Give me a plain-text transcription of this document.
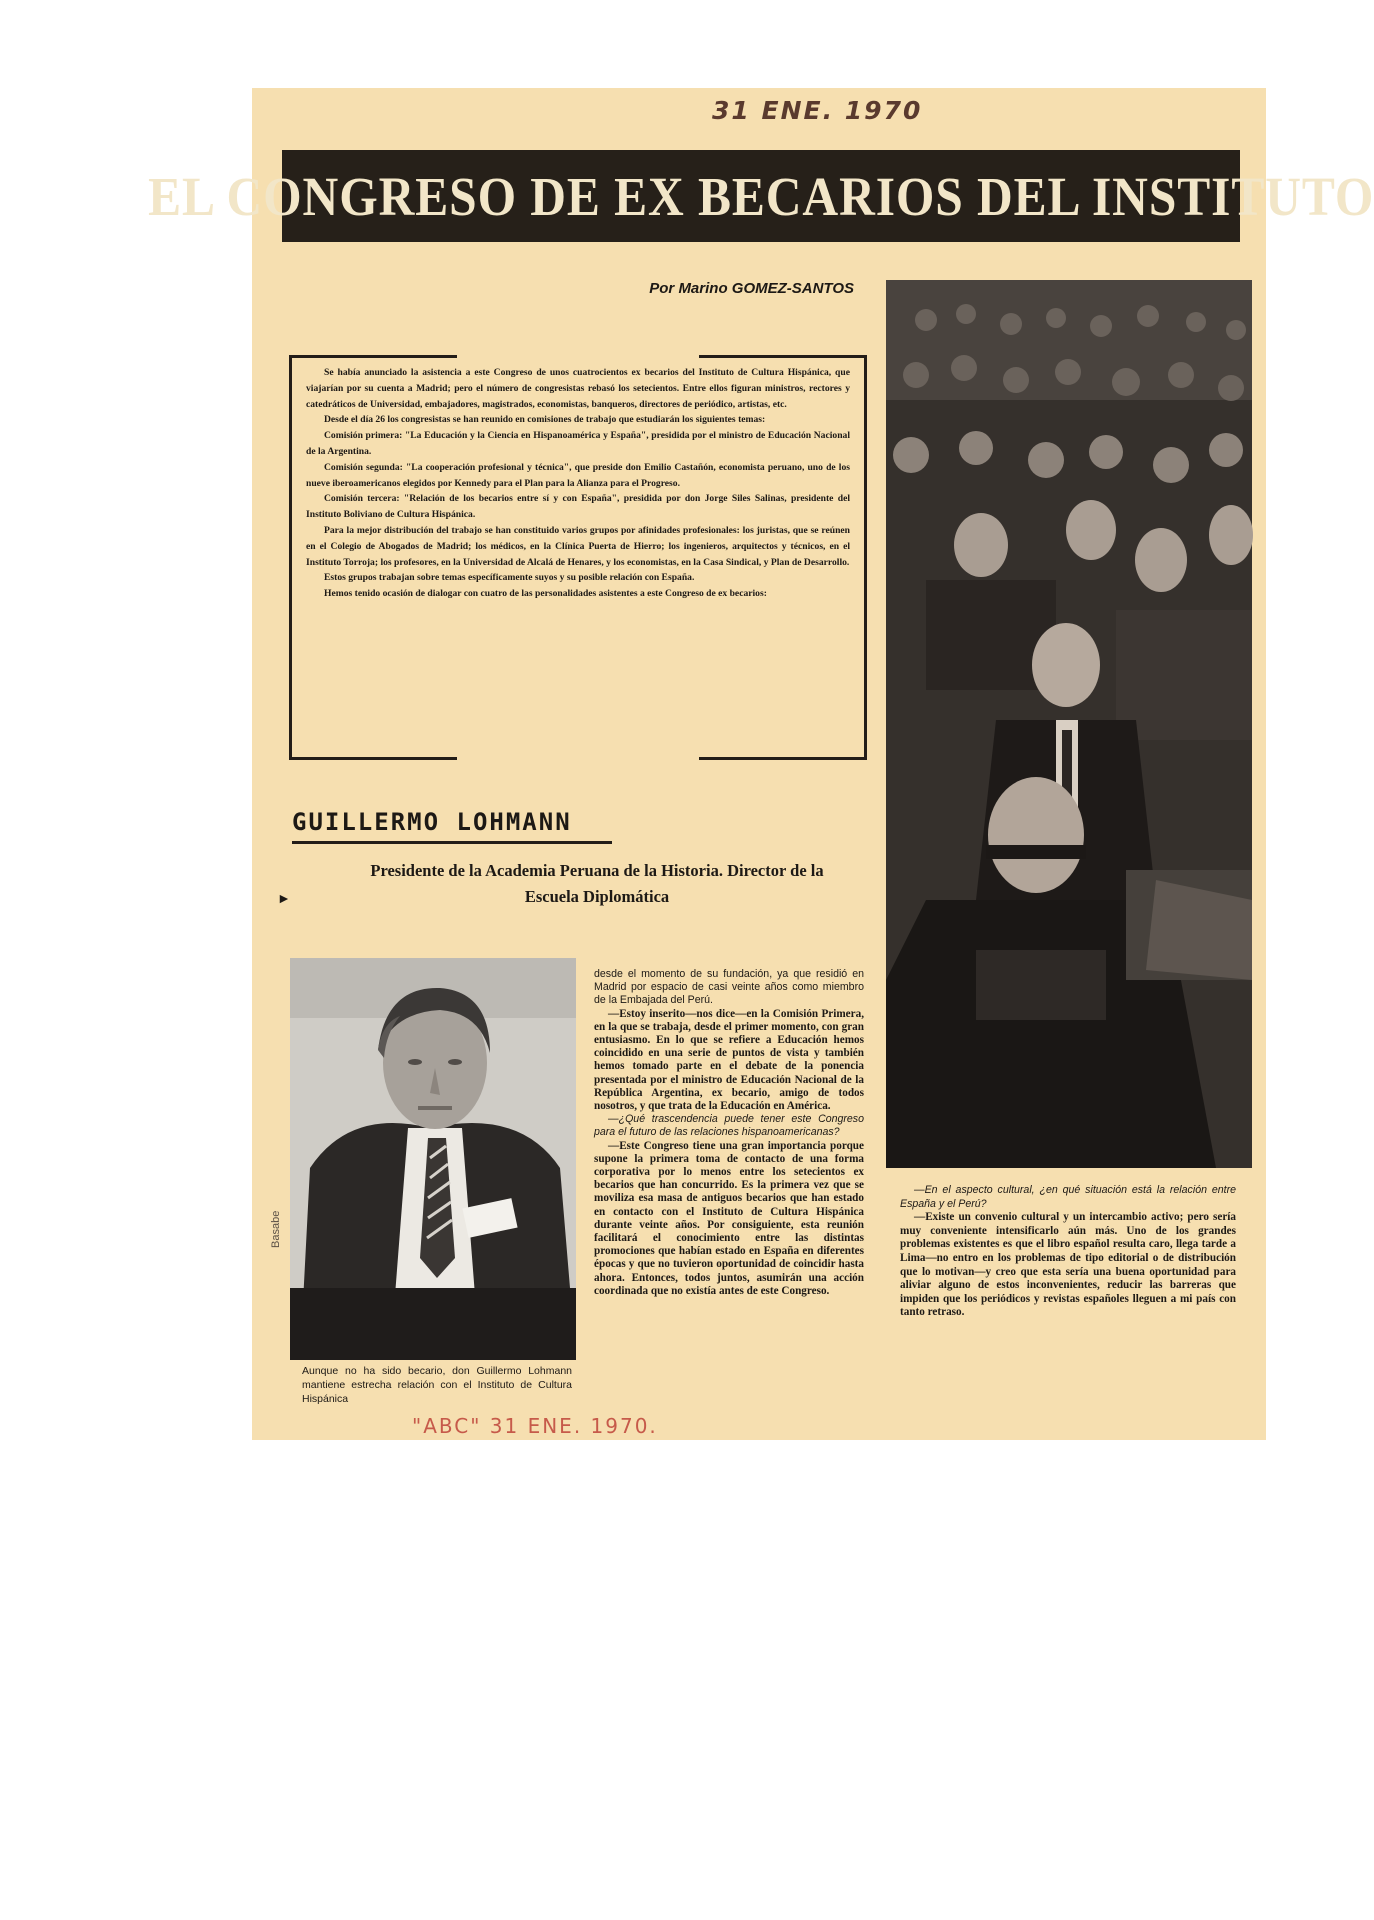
31 ENE. 1970
EL CONGRESO DE EX BECARIOS DEL INSTITUTO
Por Marino GOMEZ-SANTOS

Se había anunciado la asistencia a este Congreso de unos cuatrocientos ex becarios del Instituto de Cultura Hispánica, que viajarían por su cuenta a Madrid; pero el número de congresistas rebasó los setecientos. Entre ellos figuran ministros, rectores y catedráticos de Universidad, embajadores, magistrados, economistas, banqueros, directores de periódico, artistas, etc.

Desde el día 26 los congresistas se han reunido en comisiones de trabajo que estudiarán los siguientes temas:

Comisión primera: "La Educación y la Ciencia en Hispanoamérica y España", presidida por el ministro de Educación Nacional de la Argentina.

Comisión segunda: "La cooperación profesional y técnica", que preside don Emilio Castañón, economista peruano, uno de los nueve iberoamericanos elegidos por Kennedy para el Plan para la Alianza para el Progreso.

Comisión tercera: "Relación de los becarios entre sí y con España", presidida por don Jorge Siles Salinas, presidente del Instituto Boliviano de Cultura Hispánica.

Para la mejor distribución del trabajo se han constituido varios grupos por afinidades profesionales: los juristas, que se reúnen en el Colegio de Abogados de Madrid; los médicos, en la Clínica Puerta de Hierro; los ingenieros, arquitectos y técnicos, en el Instituto Torroja; los profesores, en la Universidad de Alcalá de Henares, y los economistas, en la Casa Sindical, y Plan de Desarrollo.

Estos grupos trabajan sobre temas específicamente suyos y su posible relación con España.

Hemos tenido ocasión de dialogar con cuatro de las personalidades asistentes a este Congreso de ex becarios:

GUILLERMO LOHMANN
►
Presidente de la Academia Peruana de la Historia. Director de la Escuela Diplomática
Basabe
Aunque no ha sido becario, don Guillermo Lohmann mantiene estrecha relación con el Instituto de Cultura Hispánica

desde el momento de su fundación, ya que residió en Madrid por espacio de casi veinte años como miembro de la Embajada del Perú.

—Estoy inserito—nos dice—en la Comisión Primera, en la que se trabaja, desde el primer momento, con gran entusiasmo. En lo que se refiere a Educación hemos coincidido en una serie de puntos de vista y también hemos tomado parte en el debate de la ponencia presentada por el ministro de Educación Nacional de la República Argentina, ex becario, amigo de todos nosotros, y que trata de la Educación en América.

—¿Qué trascendencia puede tener este Congreso para el futuro de las relaciones hispanoamericanas?

—Este Congreso tiene una gran importancia porque supone la primera toma de contacto de una forma corporativa por lo menos entre los setecientos ex becarios que han concurrido. Es la primera vez que se moviliza esa masa de antiguos becarios que han estado en contacto con el Instituto de Cultura Hispánica durante veinte años. Por consiguiente, esta reunión facilitará el conocimiento entre las distintas promociones que habían estado en España en diferentes épocas y que no tuvieron oportunidad de coincidir hasta ahora. Entonces, todos juntos, asumirán una acción coordinada que no existía antes de este Congreso.

—En el aspecto cultural, ¿en qué situación está la relación entre España y el Perú?

—Existe un convenio cultural y un intercambio activo; pero sería muy conveniente intensificarlo aún más. Uno de los grandes problemas existentes es que el libro español resulta caro, llega tarde a Lima—no entro en los problemas de tipo editorial o de distribución que lo motivan—y creo que esta sería una buena oportunidad para aliviar alguno de estos inconvenientes, reducir las barreras que impiden que los periódicos y revistas españoles lleguen a mi país con tanto retraso.

"ABC" 31 ENE. 1970.
